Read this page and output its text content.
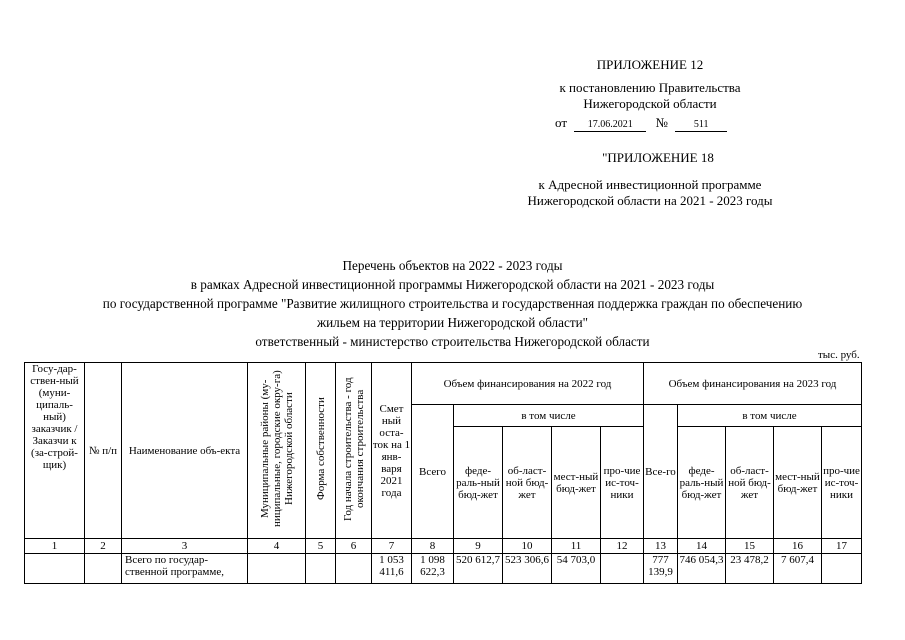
ПРИЛОЖЕНИЕ 12
к постановлению Правительства
Нижегородской области
от 17.06.2021 №	511
"ПРИЛОЖЕНИЕ 18
к Адресной инвестиционной программе
Нижегородской области на 2021 - 2023 годы
Перечень объектов на 2022 - 2023 годы
в рамках Адресной инвестиционной программы Нижегородской области на 2021 - 2023 годы
по государственной программе "Развитие жилищного строительства и государственная поддержка граждан по обеспечению
жильем на территории Нижегородской области"
ответственный - министерство строительства Нижегородской области
тыс. руб.
Госу-дар-ствен-ный (муни-ципаль-ный) заказчик /Заказчи к (за-строй-щик)	№ п/п	Наименование объ-екта	Муниципальные районы (му-ниципальные, городские окру-га) Нижегородской области	Форма собственности	Год начала строительства - год окончания строительства	Смет ный оста-ток на 1 янв-варя 2021 года	Объем финансирования на 2022 год					Объем финансирования на 2023 год				
							Всего	в том числе				Все-го	в том числе			
								феде-раль-ный бюд-жет	об-ласт-ной бюд-жет	мест-ный бюд-жет	про-чие ис-точ-ники		феде-раль-ный бюд-жет	об-ласт-ной бюд-жет	мест-ный бюд-жет	про-чие ис-точ-ники
1	2	3	4	5	6	7	8	9	10	11	12	13	14	15	16	17
		Всего по государ-ственной программе,				1 053 411,6	1 098 622,3	520 612,7	523 306,6	54 703,0		777 139,9	746 054,3	23 478,2	7 607,4	
